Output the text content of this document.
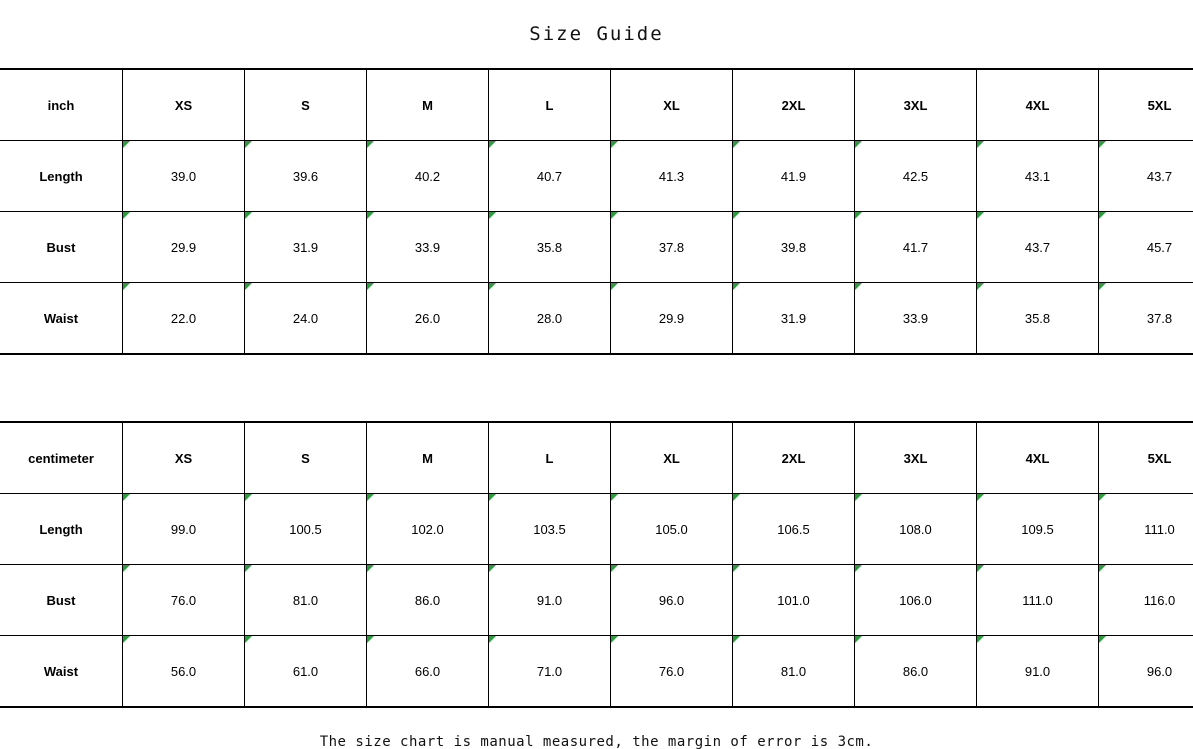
Size Guide
inch	XS	S	M	L	XL	2XL	3XL	4XL	5XL
Length	39.0	39.6	40.2	40.7	41.3	41.9	42.5	43.1	43.7
Bust	29.9	31.9	33.9	35.8	37.8	39.8	41.7	43.7	45.7
Waist	22.0	24.0	26.0	28.0	29.9	31.9	33.9	35.8	37.8
centimeter	XS	S	M	L	XL	2XL	3XL	4XL	5XL
Length	99.0	100.5	102.0	103.5	105.0	106.5	108.0	109.5	111.0
Bust	76.0	81.0	86.0	91.0	96.0	101.0	106.0	111.0	116.0
Waist	56.0	61.0	66.0	71.0	76.0	81.0	86.0	91.0	96.0
The size chart is manual measured, the margin of error is 3cm.
